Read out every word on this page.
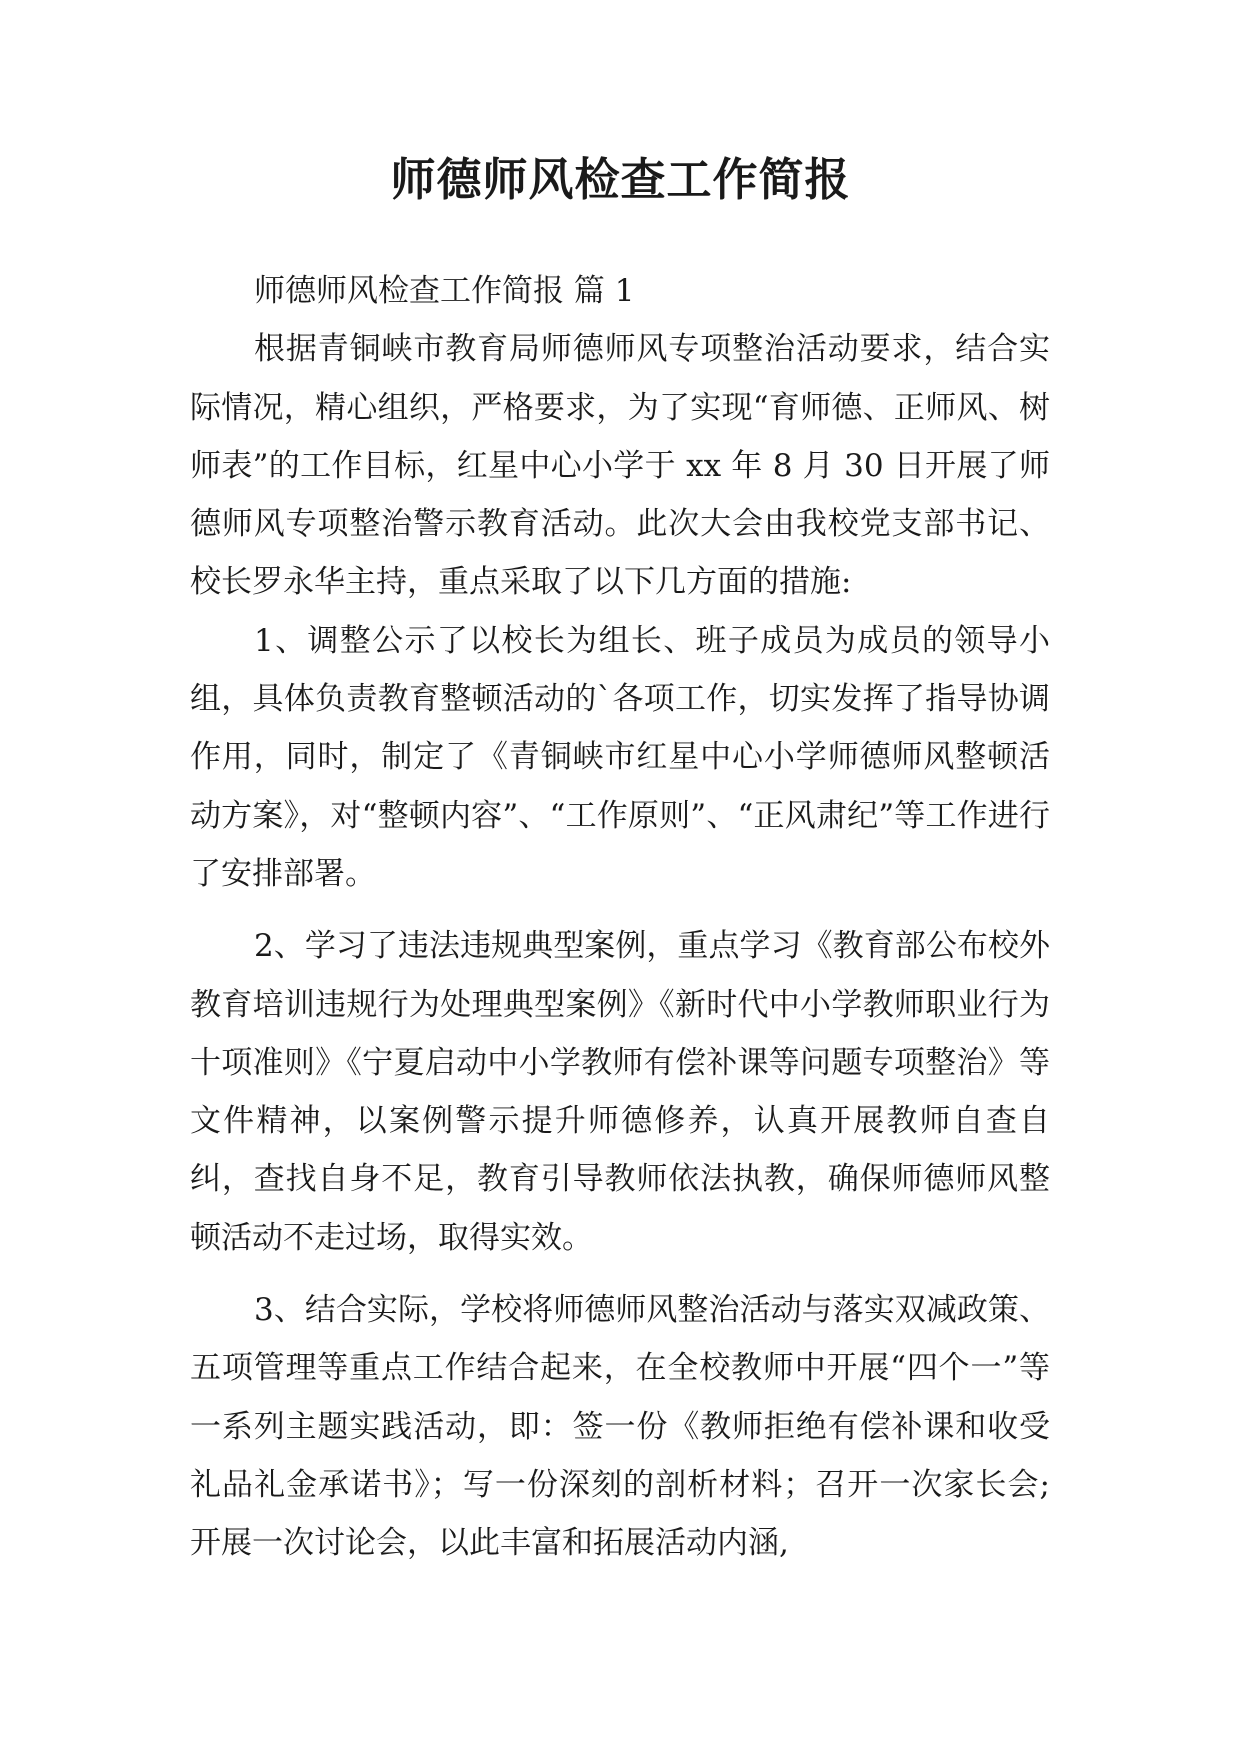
师德师风检查工作简报

师德师风检查工作简报 篇 1

根据青铜峡市教育局师德师风专项整治活动要求，结合实际情况，精心组织，严格要求，为了实现“育师德、正师风、树师表”的工作目标，红星中心小学于 xx 年 8 月 30 日开展了师德师风专项整治警示教育活动。此次大会由我校党支部书记、校长罗永华主持，重点采取了以下几方面的措施:

1、调整公示了以校长为组长、班子成员为成员的领导小组，具体负责教育整顿活动的`各项工作，切实发挥了指导协调作用，同时，制定了《青铜峡市红星中心小学师德师风整顿活动方案》，对“整顿内容”、“工作原则”、“正风肃纪”等工作进行了安排部署。

2、学习了违法违规典型案例，重点学习《教育部公布校外教育培训违规行为处理典型案例》《新时代中小学教师职业行为十项准则》《宁夏启动中小学教师有偿补课等问题专项整治》等文件精神，以案例警示提升师德修养，认真开展教师自查自纠，查找自身不足，教育引导教师依法执教，确保师德师风整顿活动不走过场，取得实效。

3、结合实际，学校将师德师风整治活动与落实双减政策、五项管理等重点工作结合起来，在全校教师中开展“四个一”等一系列主题实践活动，即：签一份《教师拒绝有偿补课和收受礼品礼金承诺书》；写一份深刻的剖析材料；召开一次家长会; 开展一次讨论会，以此丰富和拓展活动内涵,
